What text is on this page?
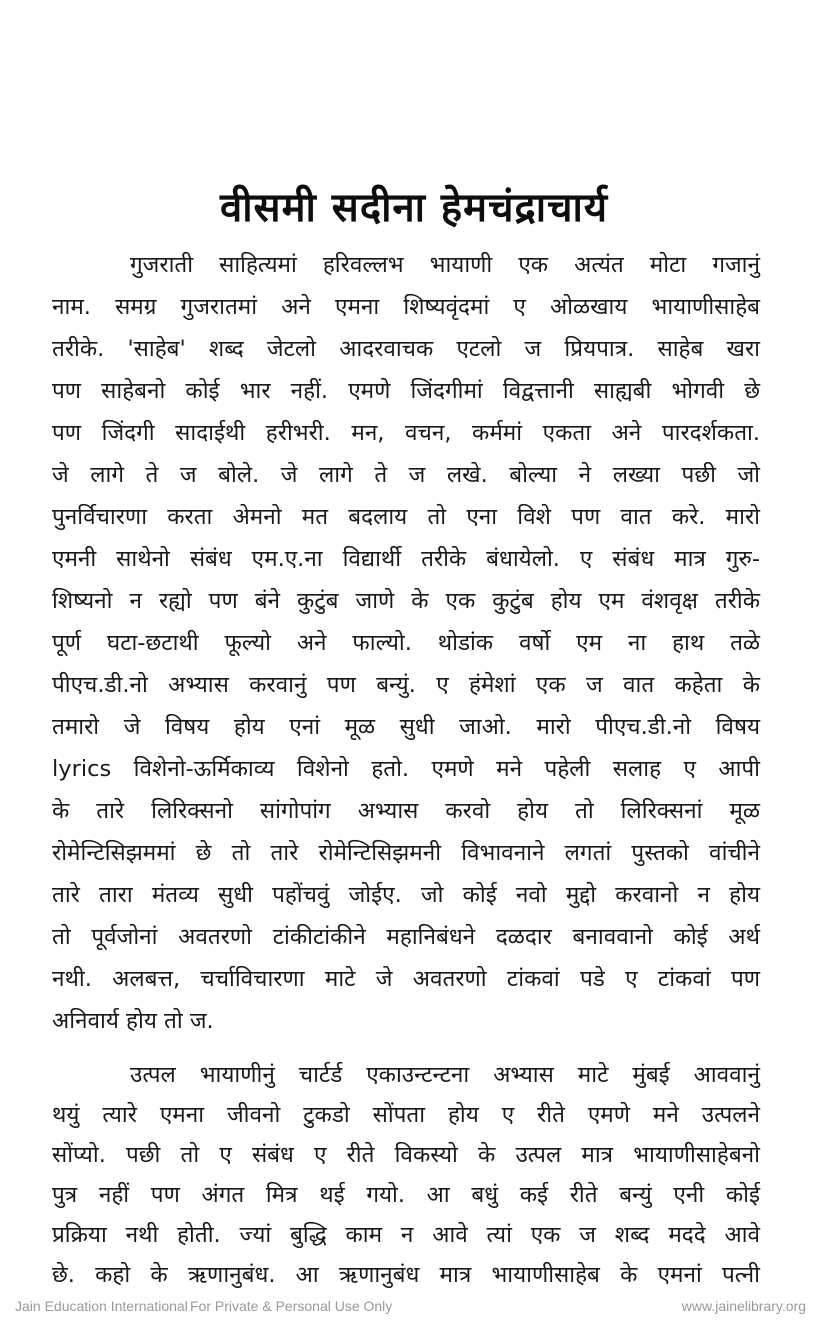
वीसमी सदीना हेमचंद्राचार्य
गुजराती साहित्यमां हरिवल्लभ भायाणी एक अत्यंत मोटा गजानुं
नाम. समग्र गुजरातमां अने एमना शिष्यवृंदमां ए ओळखाय भायाणीसाहेब
तरीके. 'साहेब' शब्द जेटलो आदरवाचक एटलो ज प्रियपात्र. साहेब खरा
पण साहेबनो कोई भार नहीं. एमणे जिंदगीमां विद्वत्तानी साह्यबी भोगवी छे
पण जिंदगी सादाईथी हरीभरी. मन, वचन, कर्ममां एकता अने पारदर्शकता.
जे लागे ते ज बोले. जे लागे ते ज लखे. बोल्या ने लख्या पछी जो
पुनर्विचारणा करता अेमनो मत बदलाय तो एना विशे पण वात करे. मारो
एमनी साथेनो संबंध एम.ए.ना विद्यार्थी तरीके बंधायेलो. ए संबंध मात्र गुरु-
शिष्यनो न रह्यो पण बंने कुटुंब जाणे के एक कुटुंब होय एम वंशवृक्ष तरीके
पूर्ण घटा-छटाथी फूल्यो अने फाल्यो. थोडांक वर्षो एम ना हाथ तळे
पीएच.डी.नो अभ्यास करवानुं पण बन्युं. ए हंमेशां एक ज वात कहेता के
तमारो जे विषय होय एनां मूळ सुधी जाओ. मारो पीएच.डी.नो विषय
lyrics विशेनो-ऊर्मिकाव्य विशेनो हतो. एमणे मने पहेली सलाह ए आपी
के तारे लिरिक्सनो सांगोपांग अभ्यास करवो होय तो लिरिक्सनां मूळ
रोमेन्टिसिझममां छे तो तारे रोमेन्टिसिझमनी विभावनाने लगतां पुस्तको वांचीने
तारे तारा मंतव्य सुधी पहोंचवुं जोईए. जो कोई नवो मुद्दो करवानो न होय
तो पूर्वजोनां अवतरणो टांकीटांकीने महानिबंधने दळदार बनाववानो कोई अर्थ
नथी. अलबत्त, चर्चाविचारणा माटे जे अवतरणो टांकवां पडे ए टांकवां पण
अनिवार्य होय तो ज.
उत्पल भायाणीनुं चार्टर्ड एकाउन्टन्टना अभ्यास माटे मुंबई आववानुं
थयुं त्यारे एमना जीवनो टुकडो सोंपता होय ए रीते एमणे मने उत्पलने
सोंप्यो. पछी तो ए संबंध ए रीते विकस्यो के उत्पल मात्र भायाणीसाहेबनो
पुत्र नहीं पण अंगत मित्र थई गयो. आ बधुं कई रीते बन्युं एनी कोई
प्रक्रिया नथी होती. ज्यां बुद्धि काम न आवे त्यां एक ज शब्द मददे आवे
छे. कहो के ऋणानुबंध. आ ऋणानुबंध मात्र भायाणीसाहेब के एमनां पत्नी
Jain Education International For Private & Personal Use Only	www.jainelibrary.org
